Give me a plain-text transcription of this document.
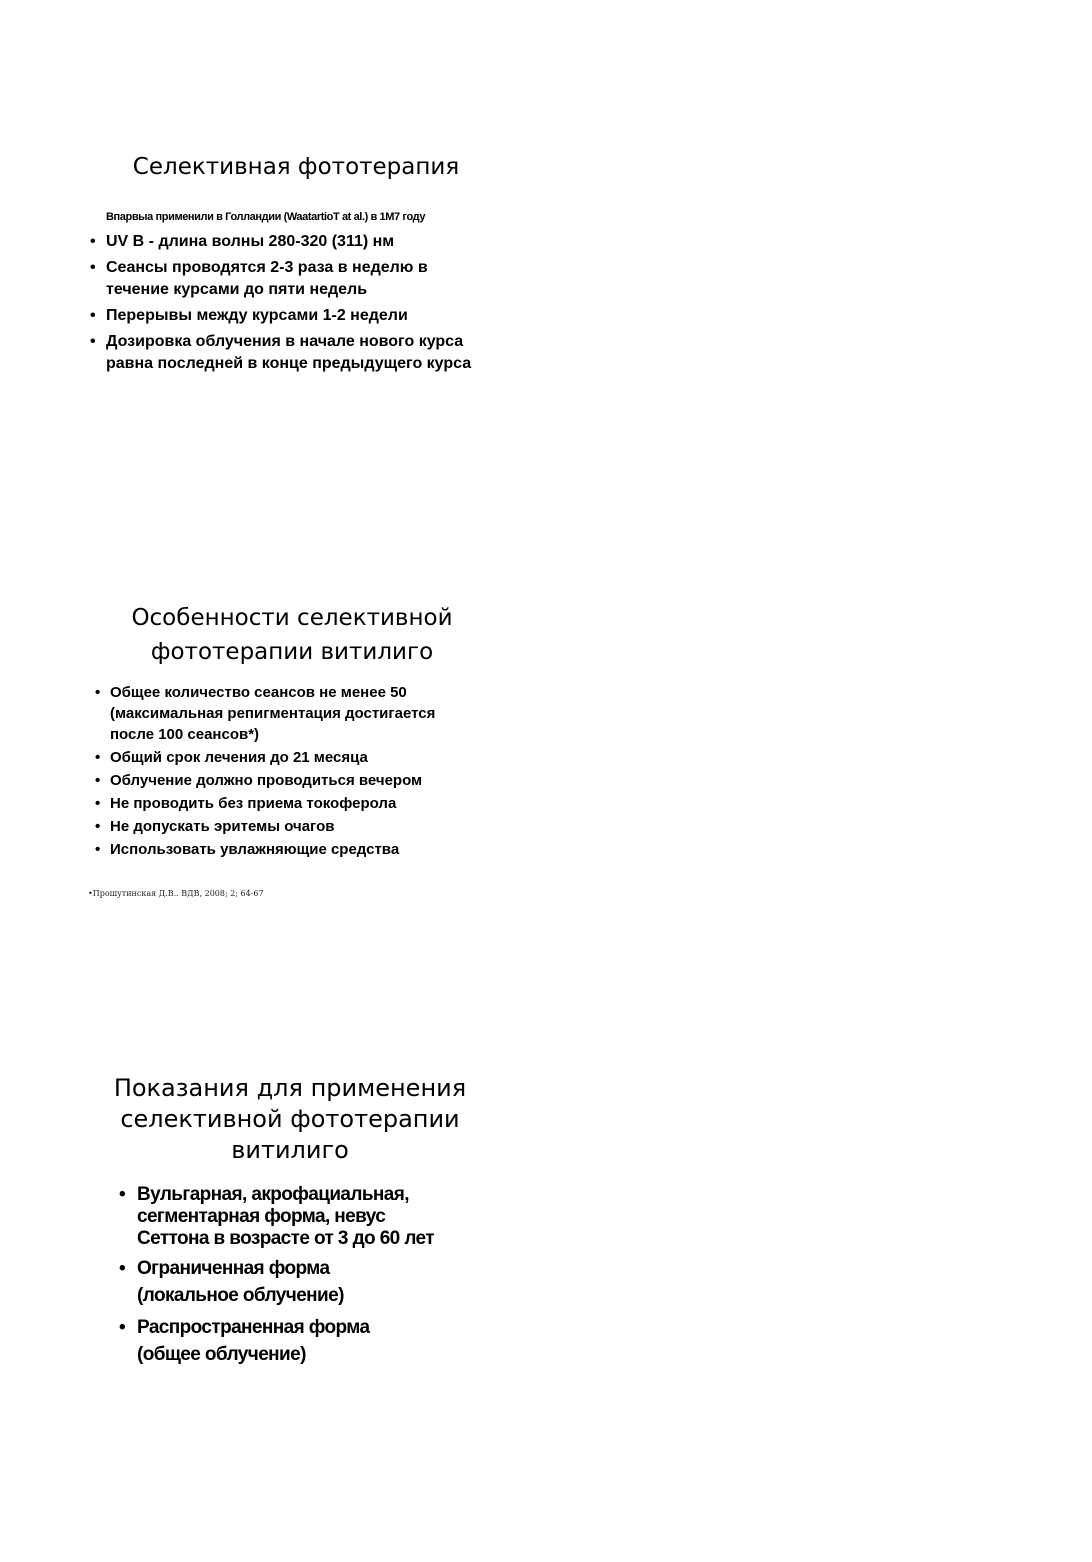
Селективная фототерапия
Впарвыа применили в Голландии (WaatartioT at al.) в 1M7 году
• UV B - длина волны 280-320 (311) нм
• Сеансы проводятся 2-3 раза в неделю в
течение курсами до пяти недель
• Перерывы между курсами 1-2 недели
• Дозировка облучения в начале нового курса
равна последней в конце предыдущего курса
Особенности селективной
фототерапии витилиго
• Общее количество сеансов не менее 50
(максимальная репигментация достигается
после 100 сеансов*)
• Общий срок лечения до 21 месяца
• Облучение должно проводиться вечером
• Не проводить без приема токоферола
• Не допускать эритемы очагов
• Использовать увлажняющие средства
•Прошутинская Д.В.. ВДВ, 2008; 2; 64-67
Показания для применения
селективной фототерапии
витилиго
• Вульгарная, акрофациальная,
сегментарная форма, невус
Сеттона в возрасте от 3 до 60 лет
• Ограниченная форма
(локальное облучение)
• Распространенная форма
(общее облучение)
